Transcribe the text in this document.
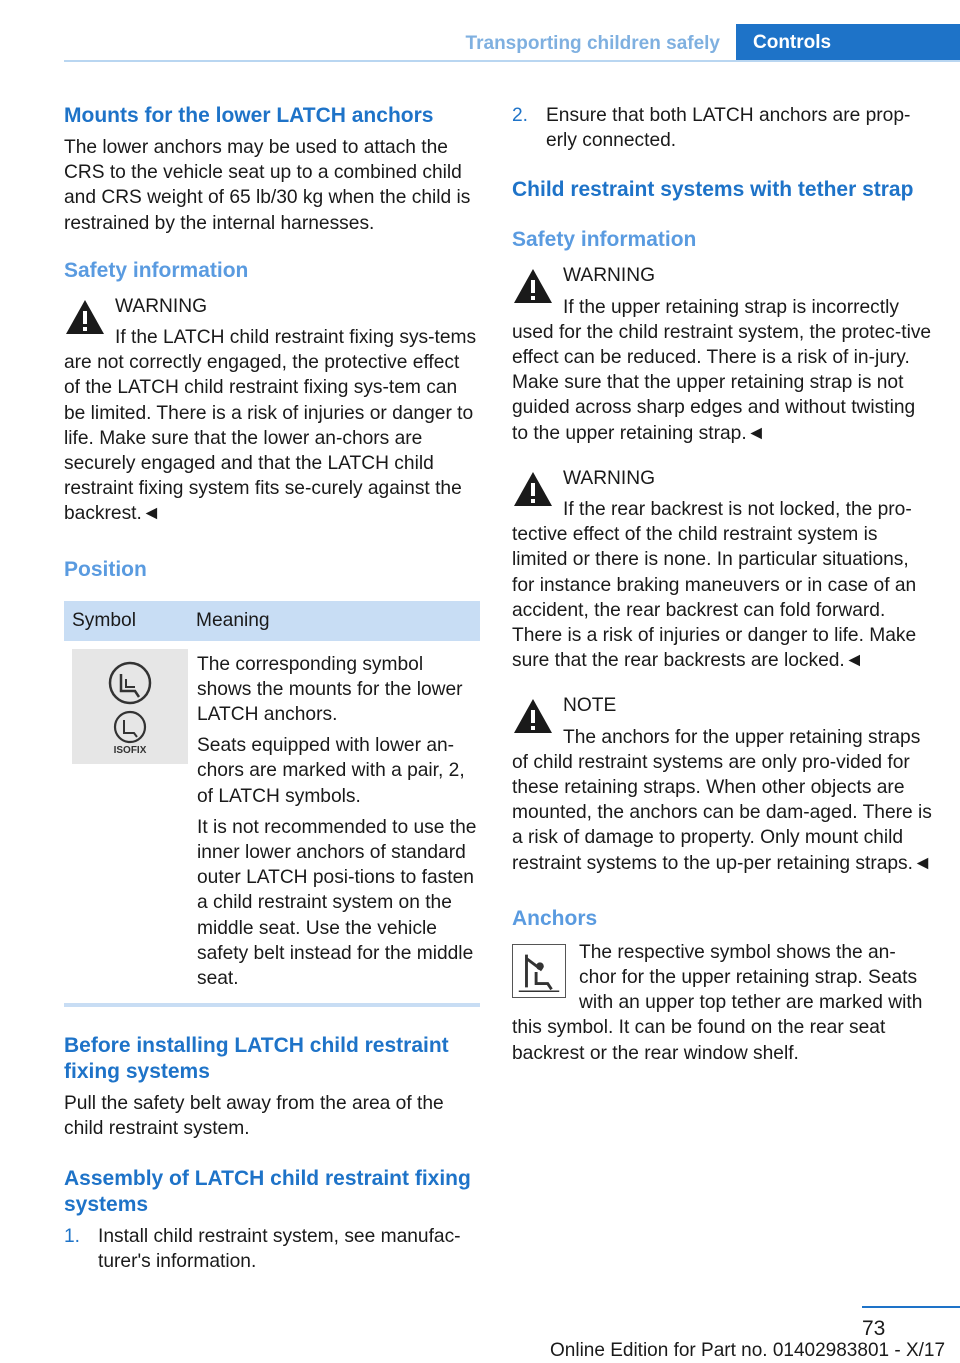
Transporting children safely	Controls
Mounts for the lower LATCH anchors

The lower anchors may be used to attach the CRS to the vehicle seat up to a combined child and CRS weight of 65 lb/30 kg when the child is restrained by the internal harnesses.

Safety information
WARNING

If the LATCH child restraint fixing sys-tems are not correctly engaged, the protective effect of the LATCH child restraint fixing sys-tem can be limited. There is a risk of injuries or danger to life. Make sure that the lower an-chors are securely engaged and that the LATCH child restraint fixing system fits se-curely against the backrest.◄

Position
Symbol	Meaning

ISOFIX	The corresponding symbol shows the mounts for the lower LATCH anchors.

Seats equipped with lower an-chors are marked with a pair, 2, of LATCH symbols.

It is not recommended to use the inner lower anchors of standard outer LATCH posi-tions to fasten a child restraint system on the middle seat. Use the vehicle safety belt instead for the middle seat.

Before installing LATCH child restraint fixing systems

Pull the safety belt away from the area of the child restraint system.

Assembly of LATCH child restraint fixing systems
1. Install child restraint system, see manufac-turer's information.
2. Ensure that both LATCH anchors are prop-erly connected.
Child restraint systems with tether strap
Safety information
WARNING

If the upper retaining strap is incorrectly used for the child restraint system, the protec-tive effect can be reduced. There is a risk of in-jury. Make sure that the upper retaining strap is not guided across sharp edges and without twisting to the upper retaining strap.◄

WARNING

If the rear backrest is not locked, the pro-tective effect of the child restraint system is limited or there is none. In particular situations, for instance braking maneuvers or in case of an accident, the rear backrest can fold forward. There is a risk of injuries or danger to life. Make sure that the rear backrests are locked.◄

NOTE

The anchors for the upper retaining straps of child restraint systems are only pro-vided for these retaining straps. When other objects are mounted, the anchors can be dam-aged. There is a risk of damage to property. Only mount child restraint systems to the up-per retaining straps.◄

Anchors
The respective symbol shows the an-chor for the upper retaining strap. Seats with an upper top tether are marked with this symbol. It can be found on the rear seat backrest or the rear window shelf.
73
Online Edition for Part no. 01402983801 - X/17
